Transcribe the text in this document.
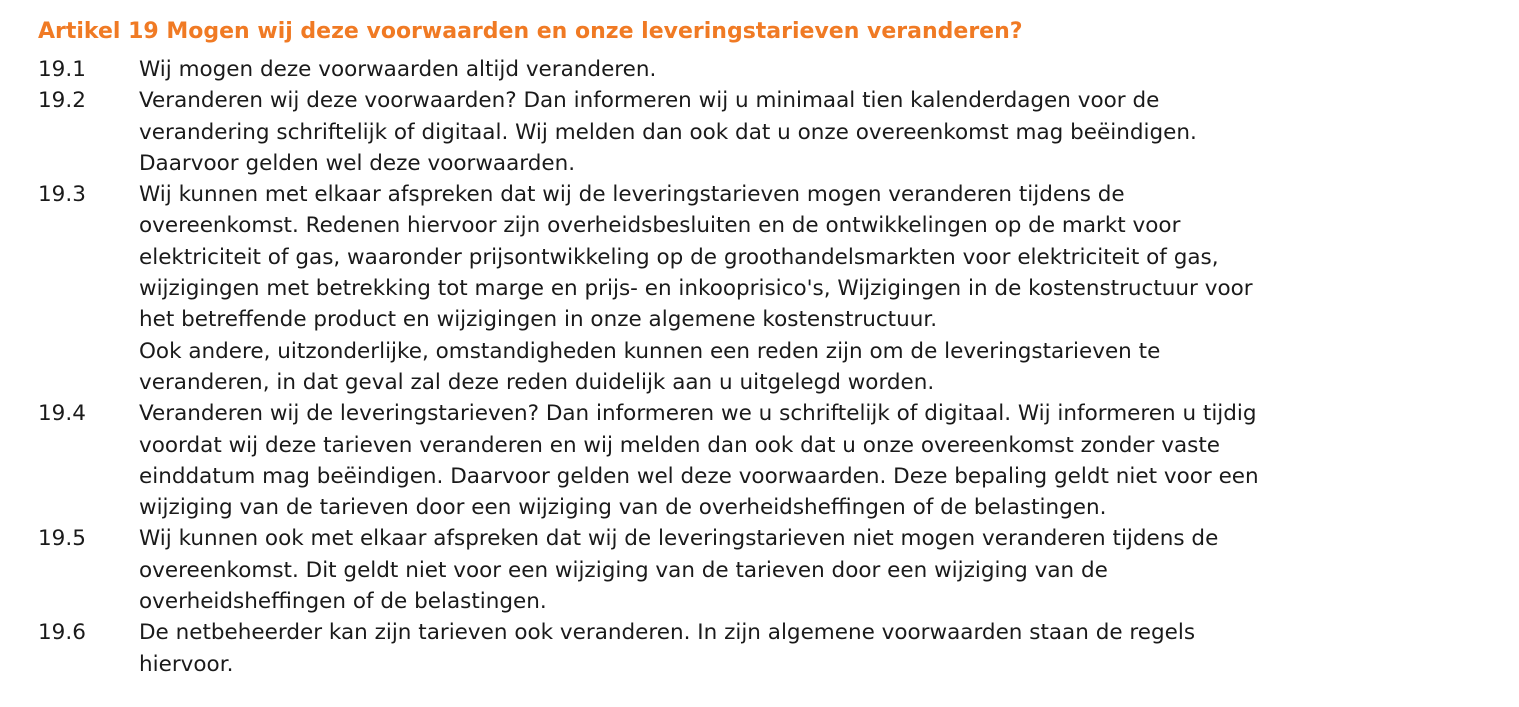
Artikel 19 Mogen wij deze voorwaarden en onze leveringstarieven veranderen?
19.1	Wij mogen deze voorwaarden altijd veranderen.
19.2	Veranderen wij deze voorwaarden? Dan informeren wij u minimaal tien kalenderdagen voor de
verandering schriftelijk of digitaal. Wij melden dan ook dat u onze overeenkomst mag beëindigen.
Daarvoor gelden wel deze voorwaarden.
19.3	Wij kunnen met elkaar afspreken dat wij de leveringstarieven mogen veranderen tijdens de
overeenkomst. Redenen hiervoor zijn overheidsbesluiten en de ontwikkelingen op de markt voor
elektriciteit of gas, waaronder prijsontwikkeling op de groothandelsmarkten voor elektriciteit of gas,
wijzigingen met betrekking tot marge en prijs- en inkooprisico's, Wijzigingen in de kostenstructuur voor
het betreffende product en wijzigingen in onze algemene kostenstructuur.
Ook andere, uitzonderlijke, omstandigheden kunnen een reden zijn om de leveringstarieven te
veranderen, in dat geval zal deze reden duidelijk aan u uitgelegd worden.
19.4	Veranderen wij de leveringstarieven? Dan informeren we u schriftelijk of digitaal. Wij informeren u tijdig
voordat wij deze tarieven veranderen en wij melden dan ook dat u onze overeenkomst zonder vaste
einddatum mag beëindigen. Daarvoor gelden wel deze voorwaarden. Deze bepaling geldt niet voor een
wijziging van de tarieven door een wijziging van de overheidsheffingen of de belastingen.
19.5	Wij kunnen ook met elkaar afspreken dat wij de leveringstarieven niet mogen veranderen tijdens de
overeenkomst. Dit geldt niet voor een wijziging van de tarieven door een wijziging van de
overheidsheffingen of de belastingen.
19.6	De netbeheerder kan zijn tarieven ook veranderen. In zijn algemene voorwaarden staan de regels
hiervoor.
